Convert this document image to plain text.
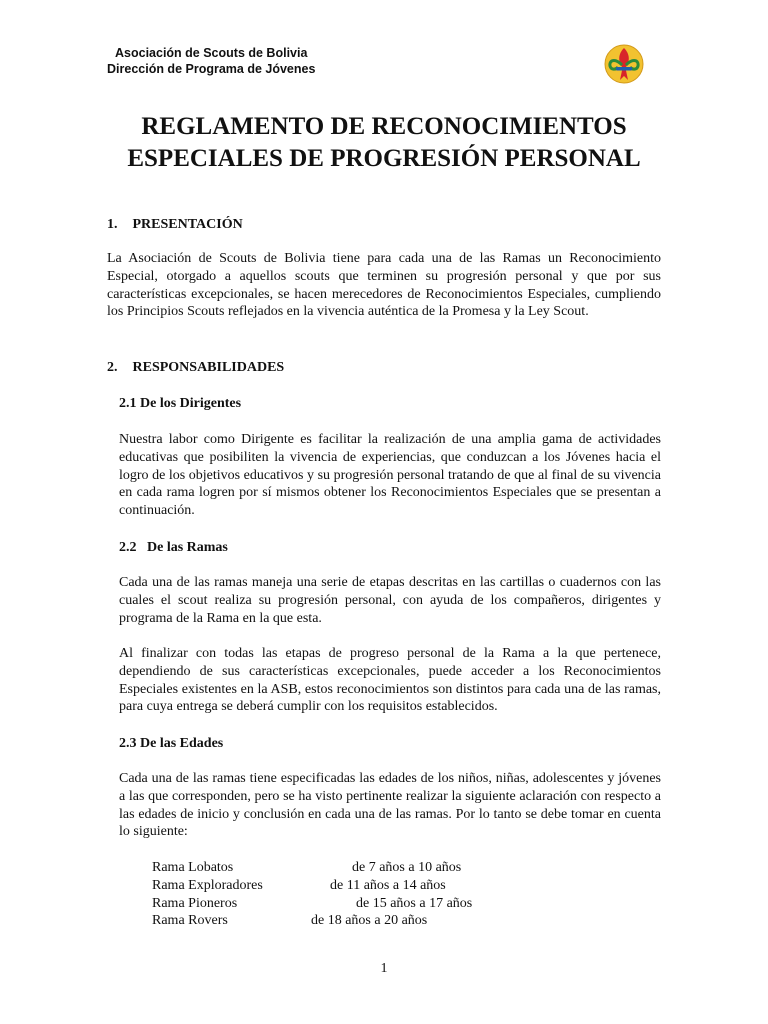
Asociación de Scouts de Bolivia
Dirección de Programa de Jóvenes
REGLAMENTO DE RECONOCIMIENTOS
ESPECIALES DE PROGRESIÓN PERSONAL
1. PRESENTACIÓN
La Asociación de Scouts de Bolivia tiene para cada una de las Ramas un Reconocimiento Especial, otorgado a aquellos scouts que terminen su progresión personal y que por sus características excepcionales, se hacen merecedores de Reconocimientos Especiales, cumpliendo los Principios Scouts reflejados en la vivencia auténtica de la Promesa y la Ley Scout.
2. RESPONSABILIDADES
2.1 De los Dirigentes
Nuestra labor como Dirigente es facilitar la realización de una amplia gama de actividades educativas que posibiliten la vivencia de experiencias, que conduzcan a los Jóvenes hacia el logro de los objetivos educativos y su progresión personal tratando de que al final de su vivencia en cada rama logren por sí mismos obtener los Reconocimientos Especiales que se presentan a continuación.
2.2   De las Ramas
Cada una de las ramas maneja una serie de etapas descritas en las cartillas o cuadernos con las cuales el scout realiza su progresión personal, con ayuda de los compañeros, dirigentes y programa de la Rama en la que esta.
Al finalizar con todas las etapas de progreso personal de la Rama a la que pertenece, dependiendo de sus características excepcionales, puede acceder a los Reconocimientos Especiales existentes en la ASB, estos reconocimientos son distintos para cada una de las ramas, para cuya entrega se deberá cumplir con los requisitos establecidos.
2.3 De las Edades
Cada una de las ramas tiene especificadas las edades de los niños, niñas, adolescentes y jóvenes a las que corresponden, pero se ha visto pertinente realizar la siguiente aclaración con respecto a las edades de inicio y conclusión en cada una de las ramas. Por lo tanto se debe tomar en cuenta lo siguiente:
Rama Lobatos	de 7 años a 10 años
Rama Exploradores	de 11 años a 14 años
Rama Pioneros	de 15 años a 17 años
Rama Rovers	de 18 años a 20 años
1
